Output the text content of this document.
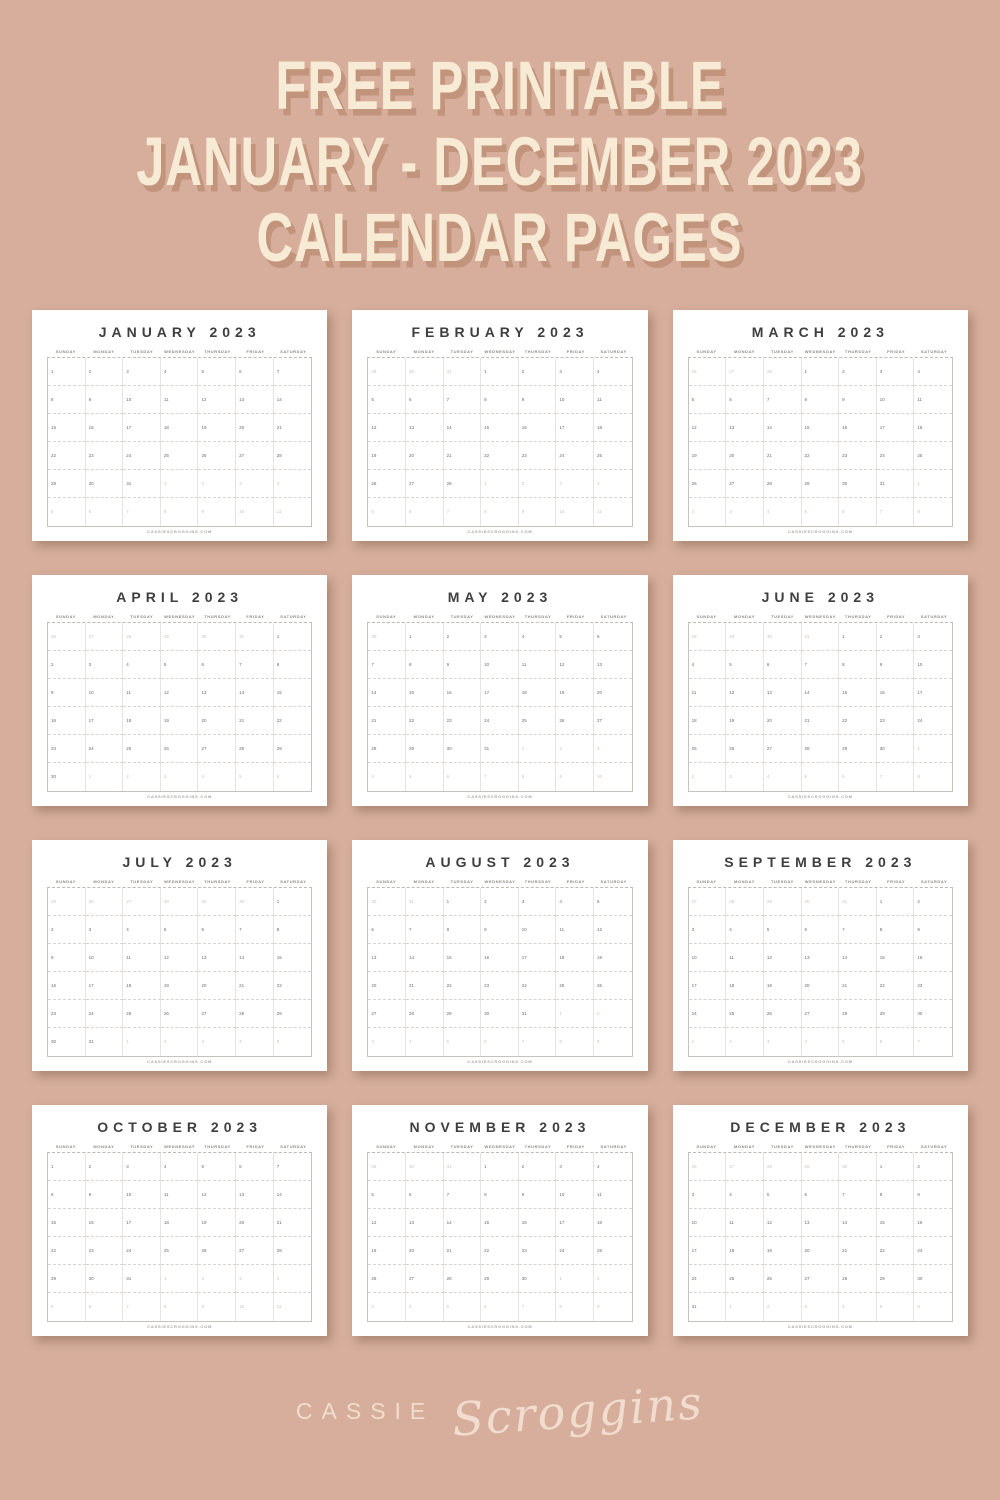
FREE PRINTABLE
JANUARY - DECEMBER 2023
CALENDAR PAGES
JANUARY 2023
SUNDAY	MONDAY	TUESDAY	WEDNESDAY	THURSDAY	FRIDAY	SATURDAY
1	2	3	4	5	6	7
8	9	10	11	12	13	14
15	16	17	18	19	20	21
22	23	24	25	26	27	28
29	30	31	1	2	3	4
5	6	7	8	9	10	11
CASSIESCROGGINS.COM
FEBRUARY 2023
SUNDAY	MONDAY	TUESDAY	WEDNESDAY	THURSDAY	FRIDAY	SATURDAY
29	30	31	1	2	3	4
5	6	7	8	9	10	11
12	13	14	15	16	17	18
19	20	21	22	23	24	25
26	27	28	1	2	3	4
5	6	7	8	9	10	11
CASSIESCROGGINS.COM
MARCH 2023
SUNDAY	MONDAY	TUESDAY	WEDNESDAY	THURSDAY	FRIDAY	SATURDAY
26	27	28	1	2	3	4
5	6	7	8	9	10	11
12	13	14	15	16	17	18
19	20	21	22	23	24	25
26	27	28	29	30	31	1
2	3	4	5	6	7	8
CASSIESCROGGINS.COM
APRIL 2023
SUNDAY	MONDAY	TUESDAY	WEDNESDAY	THURSDAY	FRIDAY	SATURDAY
26	27	28	29	30	31	1
2	3	4	5	6	7	8
9	10	11	12	13	14	15
16	17	18	19	20	21	22
23	24	25	26	27	28	29
30	1	2	3	4	5	6
CASSIESCROGGINS.COM
MAY 2023
SUNDAY	MONDAY	TUESDAY	WEDNESDAY	THURSDAY	FRIDAY	SATURDAY
30	1	2	3	4	5	6
7	8	9	10	11	12	13
14	15	16	17	18	19	20
21	22	23	24	25	26	27
28	29	30	31	1	2	3
4	5	6	7	8	9	10
CASSIESCROGGINS.COM
JUNE 2023
SUNDAY	MONDAY	TUESDAY	WEDNESDAY	THURSDAY	FRIDAY	SATURDAY
28	29	30	31	1	2	3
4	5	6	7	8	9	10
11	12	13	14	15	16	17
18	19	20	21	22	23	24
25	26	27	28	29	30	1
2	3	4	5	6	7	8
CASSIESCROGGINS.COM
JULY 2023
SUNDAY	MONDAY	TUESDAY	WEDNESDAY	THURSDAY	FRIDAY	SATURDAY
25	26	27	28	29	30	1
2	3	4	5	6	7	8
9	10	11	12	13	14	15
16	17	18	19	20	21	22
23	24	25	26	27	28	29
30	31	1	2	3	4	5
CASSIESCROGGINS.COM
AUGUST 2023
SUNDAY	MONDAY	TUESDAY	WEDNESDAY	THURSDAY	FRIDAY	SATURDAY
30	31	1	2	3	4	5
6	7	8	9	10	11	12
13	14	15	16	17	18	19
20	21	22	23	24	25	26
27	28	29	30	31	1	2
3	4	5	6	7	8	9
CASSIESCROGGINS.COM
SEPTEMBER 2023
SUNDAY	MONDAY	TUESDAY	WEDNESDAY	THURSDAY	FRIDAY	SATURDAY
27	28	29	30	31	1	2
3	4	5	6	7	8	9
10	11	12	13	14	15	16
17	18	19	20	21	22	23
24	25	26	27	28	29	30
1	2	3	4	5	6	7
CASSIESCROGGINS.COM
OCTOBER 2023
SUNDAY	MONDAY	TUESDAY	WEDNESDAY	THURSDAY	FRIDAY	SATURDAY
1	2	3	4	5	6	7
8	9	10	11	12	13	14
15	16	17	18	19	20	21
22	23	24	25	26	27	28
29	30	31	1	2	3	4
5	6	7	8	9	10	11
CASSIESCROGGINS.COM
NOVEMBER 2023
SUNDAY	MONDAY	TUESDAY	WEDNESDAY	THURSDAY	FRIDAY	SATURDAY
29	30	31	1	2	3	4
5	6	7	8	9	10	11
12	13	14	15	16	17	18
19	20	21	22	23	24	25
26	27	28	29	30	1	2
3	4	5	6	7	8	9
CASSIESCROGGINS.COM
DECEMBER 2023
SUNDAY	MONDAY	TUESDAY	WEDNESDAY	THURSDAY	FRIDAY	SATURDAY
26	27	28	29	30	1	2
3	4	5	6	7	8	9
10	11	12	13	14	15	16
17	18	19	20	21	22	23
24	25	26	27	28	29	30
31	1	2	3	4	5	6
CASSIESCROGGINS.COM
CASSIE Scroggins
